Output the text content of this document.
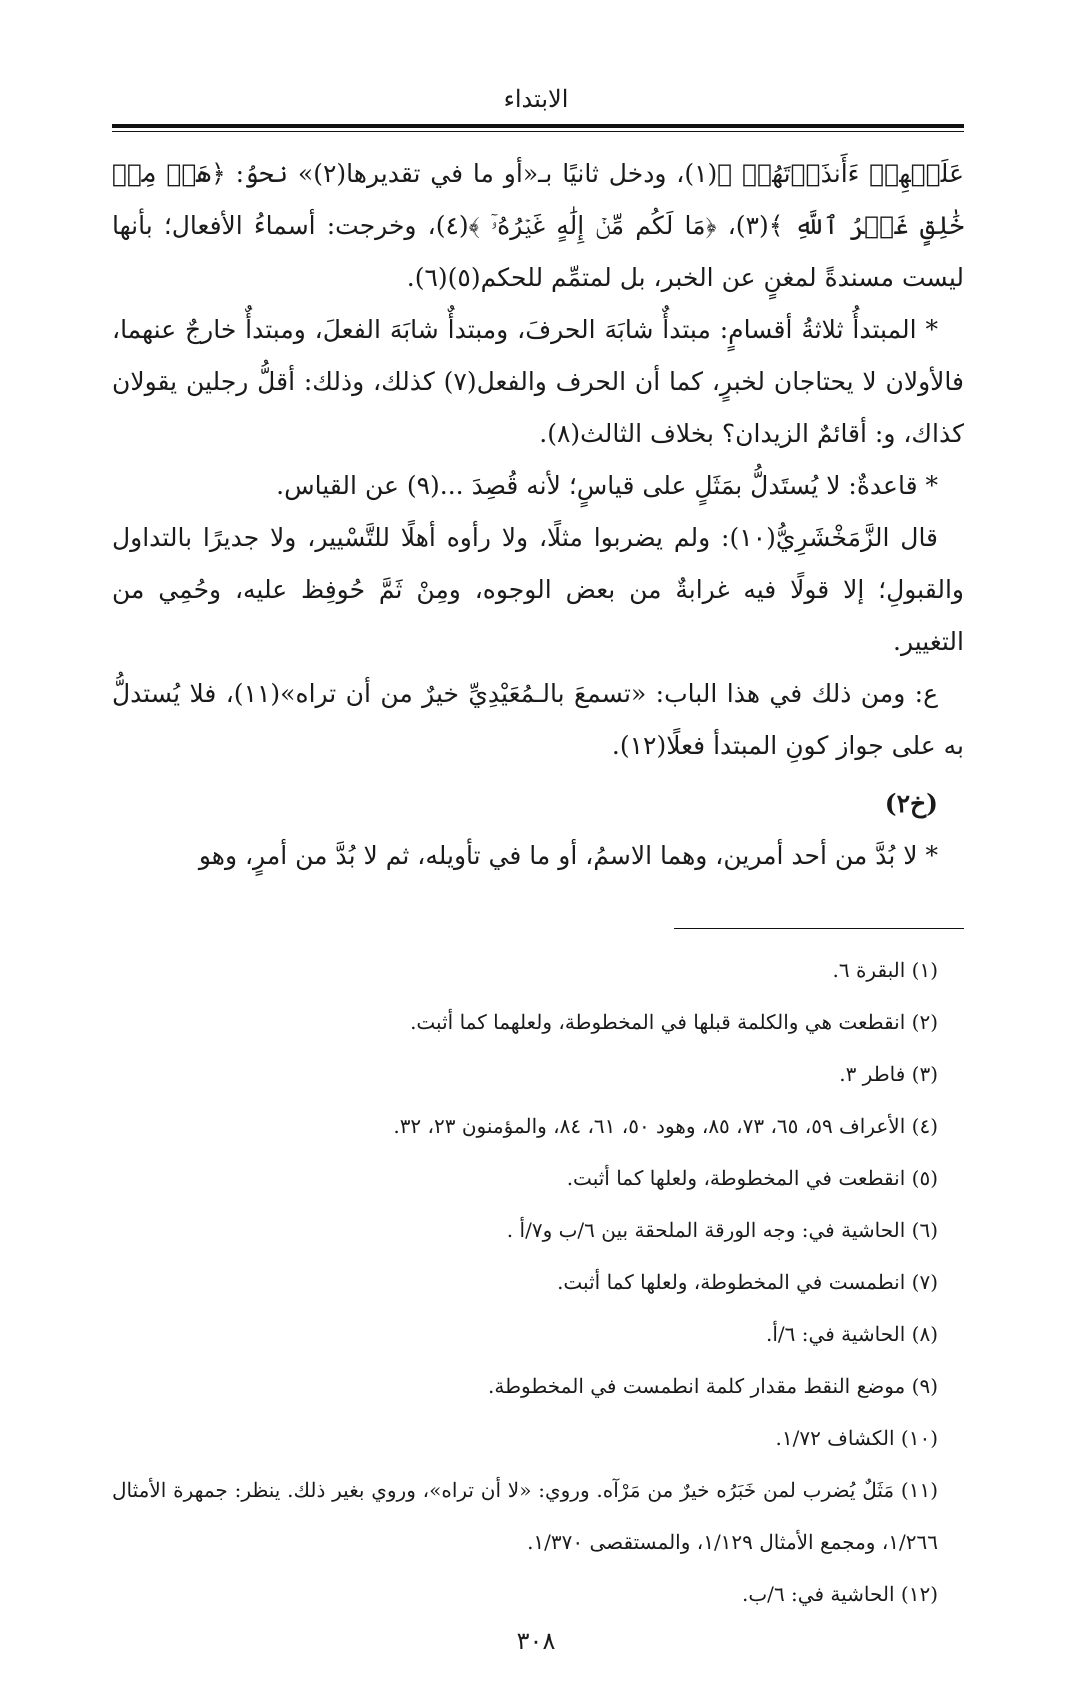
الابتداء

عَلَيۡهِمۡ ءَأَنذَرۡتَهُمۡ ﴾(١)، ودخل ثانيًا بـ«أو ما في تقديرها(٢)» نحوُ: ﴿هَلۡ مِنۡ خَٰلِقٍ غَيۡرُ ٱللَّهِ ﴾(٣)، ﴿مَا لَكُم مِّنۡ إِلَٰهٍ غَيۡرُهُۥٓ ﴾(٤)، وخرجت: أسماءُ الأفعال؛ بأنها ليست مسندةً لمغنٍ عن الخبر، بل لمتمِّم للحكم(٥)(٦).

* المبتدأُ ثلاثةُ أقسامٍ: مبتدأٌ شابَهَ الحرفَ، ومبتدأٌ شابَهَ الفعلَ، ومبتدأٌ خارجٌ عنهما، فالأولان لا يحتاجان لخبرٍ، كما أن الحرف والفعل(٧) كذلك، وذلك: أقلُّ رجلين يقولان كذاك، و: أقائمٌ الزيدان؟ بخلاف الثالث(٨).

* قاعدةٌ: لا يُستَدلُّ بمَثَلٍ على قياسٍ؛ لأنه قُصِدَ ...(٩) عن القياس.

قال الزَّمَخْشَرِيُّ(١٠): ولم يضربوا مثلًا، ولا رأوه أهلًا للتَّسْيير، ولا جديرًا بالتداول والقبولِ؛ إلا قولًا فيه غرابةٌ من بعض الوجوه، ومِنْ ثَمَّ حُوفِظ عليه، وحُمِي من التغيير.

ع: ومن ذلك في هذا الباب: «تسمعَ بالـمُعَيْدِيِّ خيرٌ من أن تراه»(١١)، فلا يُستدلُّ به على جواز كونِ المبتدأ فعلًا(١٢).

(خ٢)

* لا بُدَّ من أحد أمرين، وهما الاسمُ، أو ما في تأويله، ثم لا بُدَّ من أمرٍ، وهو

(١) البقرة ٦.

(٢) انقطعت هي والكلمة قبلها في المخطوطة، ولعلهما كما أثبت.

(٣) فاطر ٣.

(٤) الأعراف ٥٩، ٦٥، ٧٣، ٨٥، وهود ٥٠، ٦١، ٨٤، والمؤمنون ٢٣، ٣٢.

(٥) انقطعت في المخطوطة، ولعلها كما أثبت.

(٦) الحاشية في: وجه الورقة الملحقة بين ٦/ب و٧/أ .

(٧) انطمست في المخطوطة، ولعلها كما أثبت.

(٨) الحاشية في: ٦/أ.

(٩) موضع النقط مقدار كلمة انطمست في المخطوطة.

(١٠) الكشاف ١/٧٢.

(١١) مَثَلٌ يُضرب لمن خَبَرُه خيرٌ من مَرْآه. وروي: «لا أن تراه»، وروي بغير ذلك. ينظر: جمهرة الأمثال ١/٢٦٦، ومجمع الأمثال ١/١٢٩، والمستقصى ١/٣٧٠.

(١٢) الحاشية في: ٦/ب.

٣٠٨
